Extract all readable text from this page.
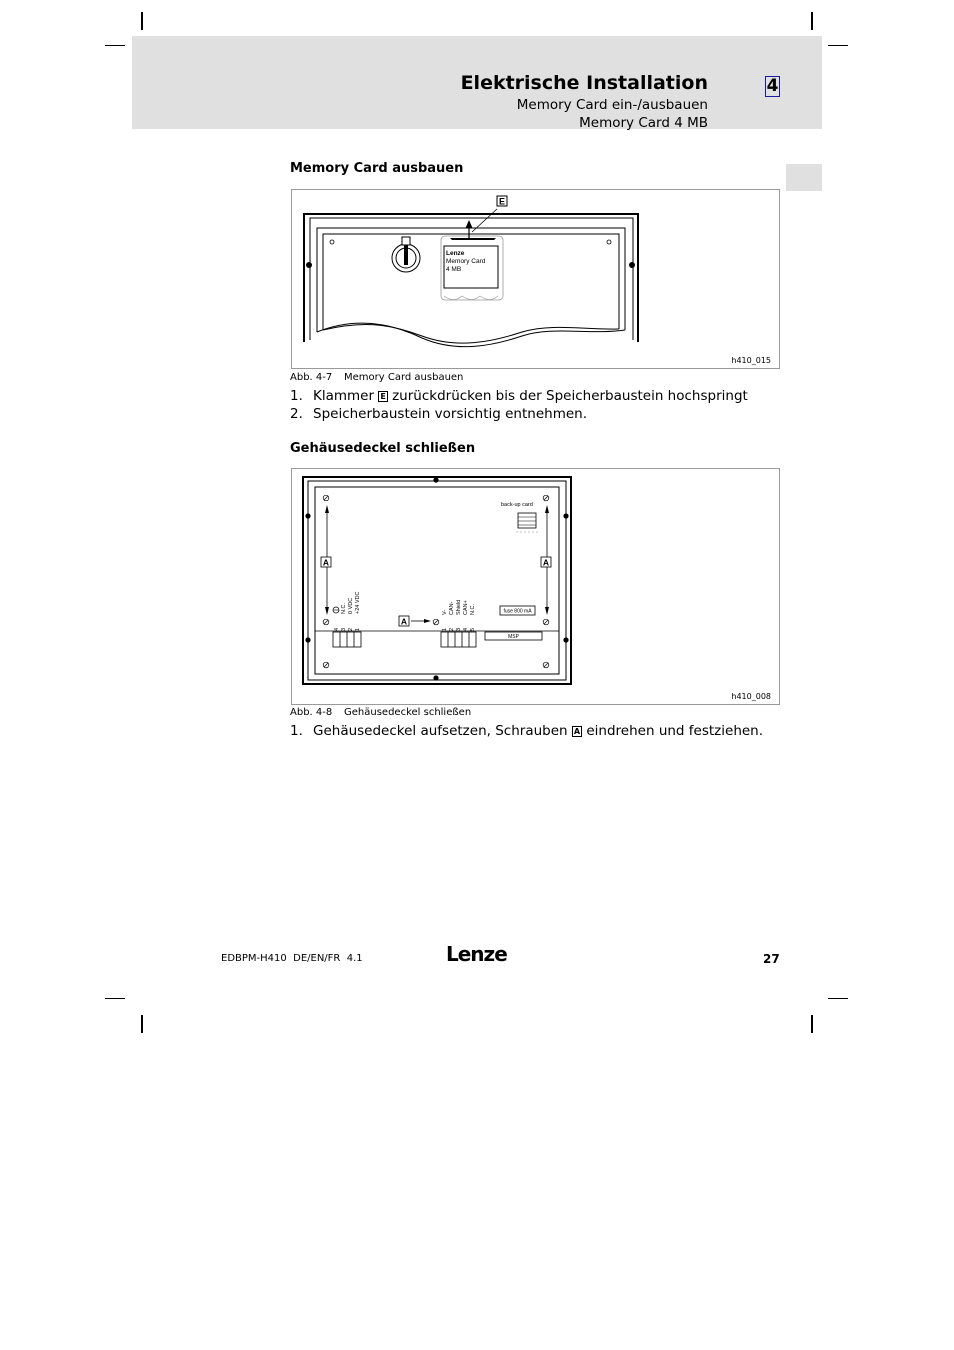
Elektrische Installation
Memory Card ein-/ausbauen
Memory Card 4 MB
4
Memory Card ausbauen
E
Lenze
Memory Card
4 MB
h410_015
Abb. 4-7 Memory Card ausbauen
1. Klammer E zurückdrücken bis der Speicherbaustein hochspringt
2. Speicherbaustein vorsichtig entnehmen.
Gehäusedeckel schließen
A	A
A
back-up card
fuse 800 mA
MSP
4 3 2 1
N.C. 0 VDC +24 VDC
1 2 3 4 5
V- CAN- Shield CAN+ N.C.
h410_008
Abb. 4-8 Gehäusedeckel schließen
1. Gehäusedeckel aufsetzen, Schrauben A eindrehen und festziehen.
EDBPM-H410 DE/EN/FR 4.1	Lenze	27
